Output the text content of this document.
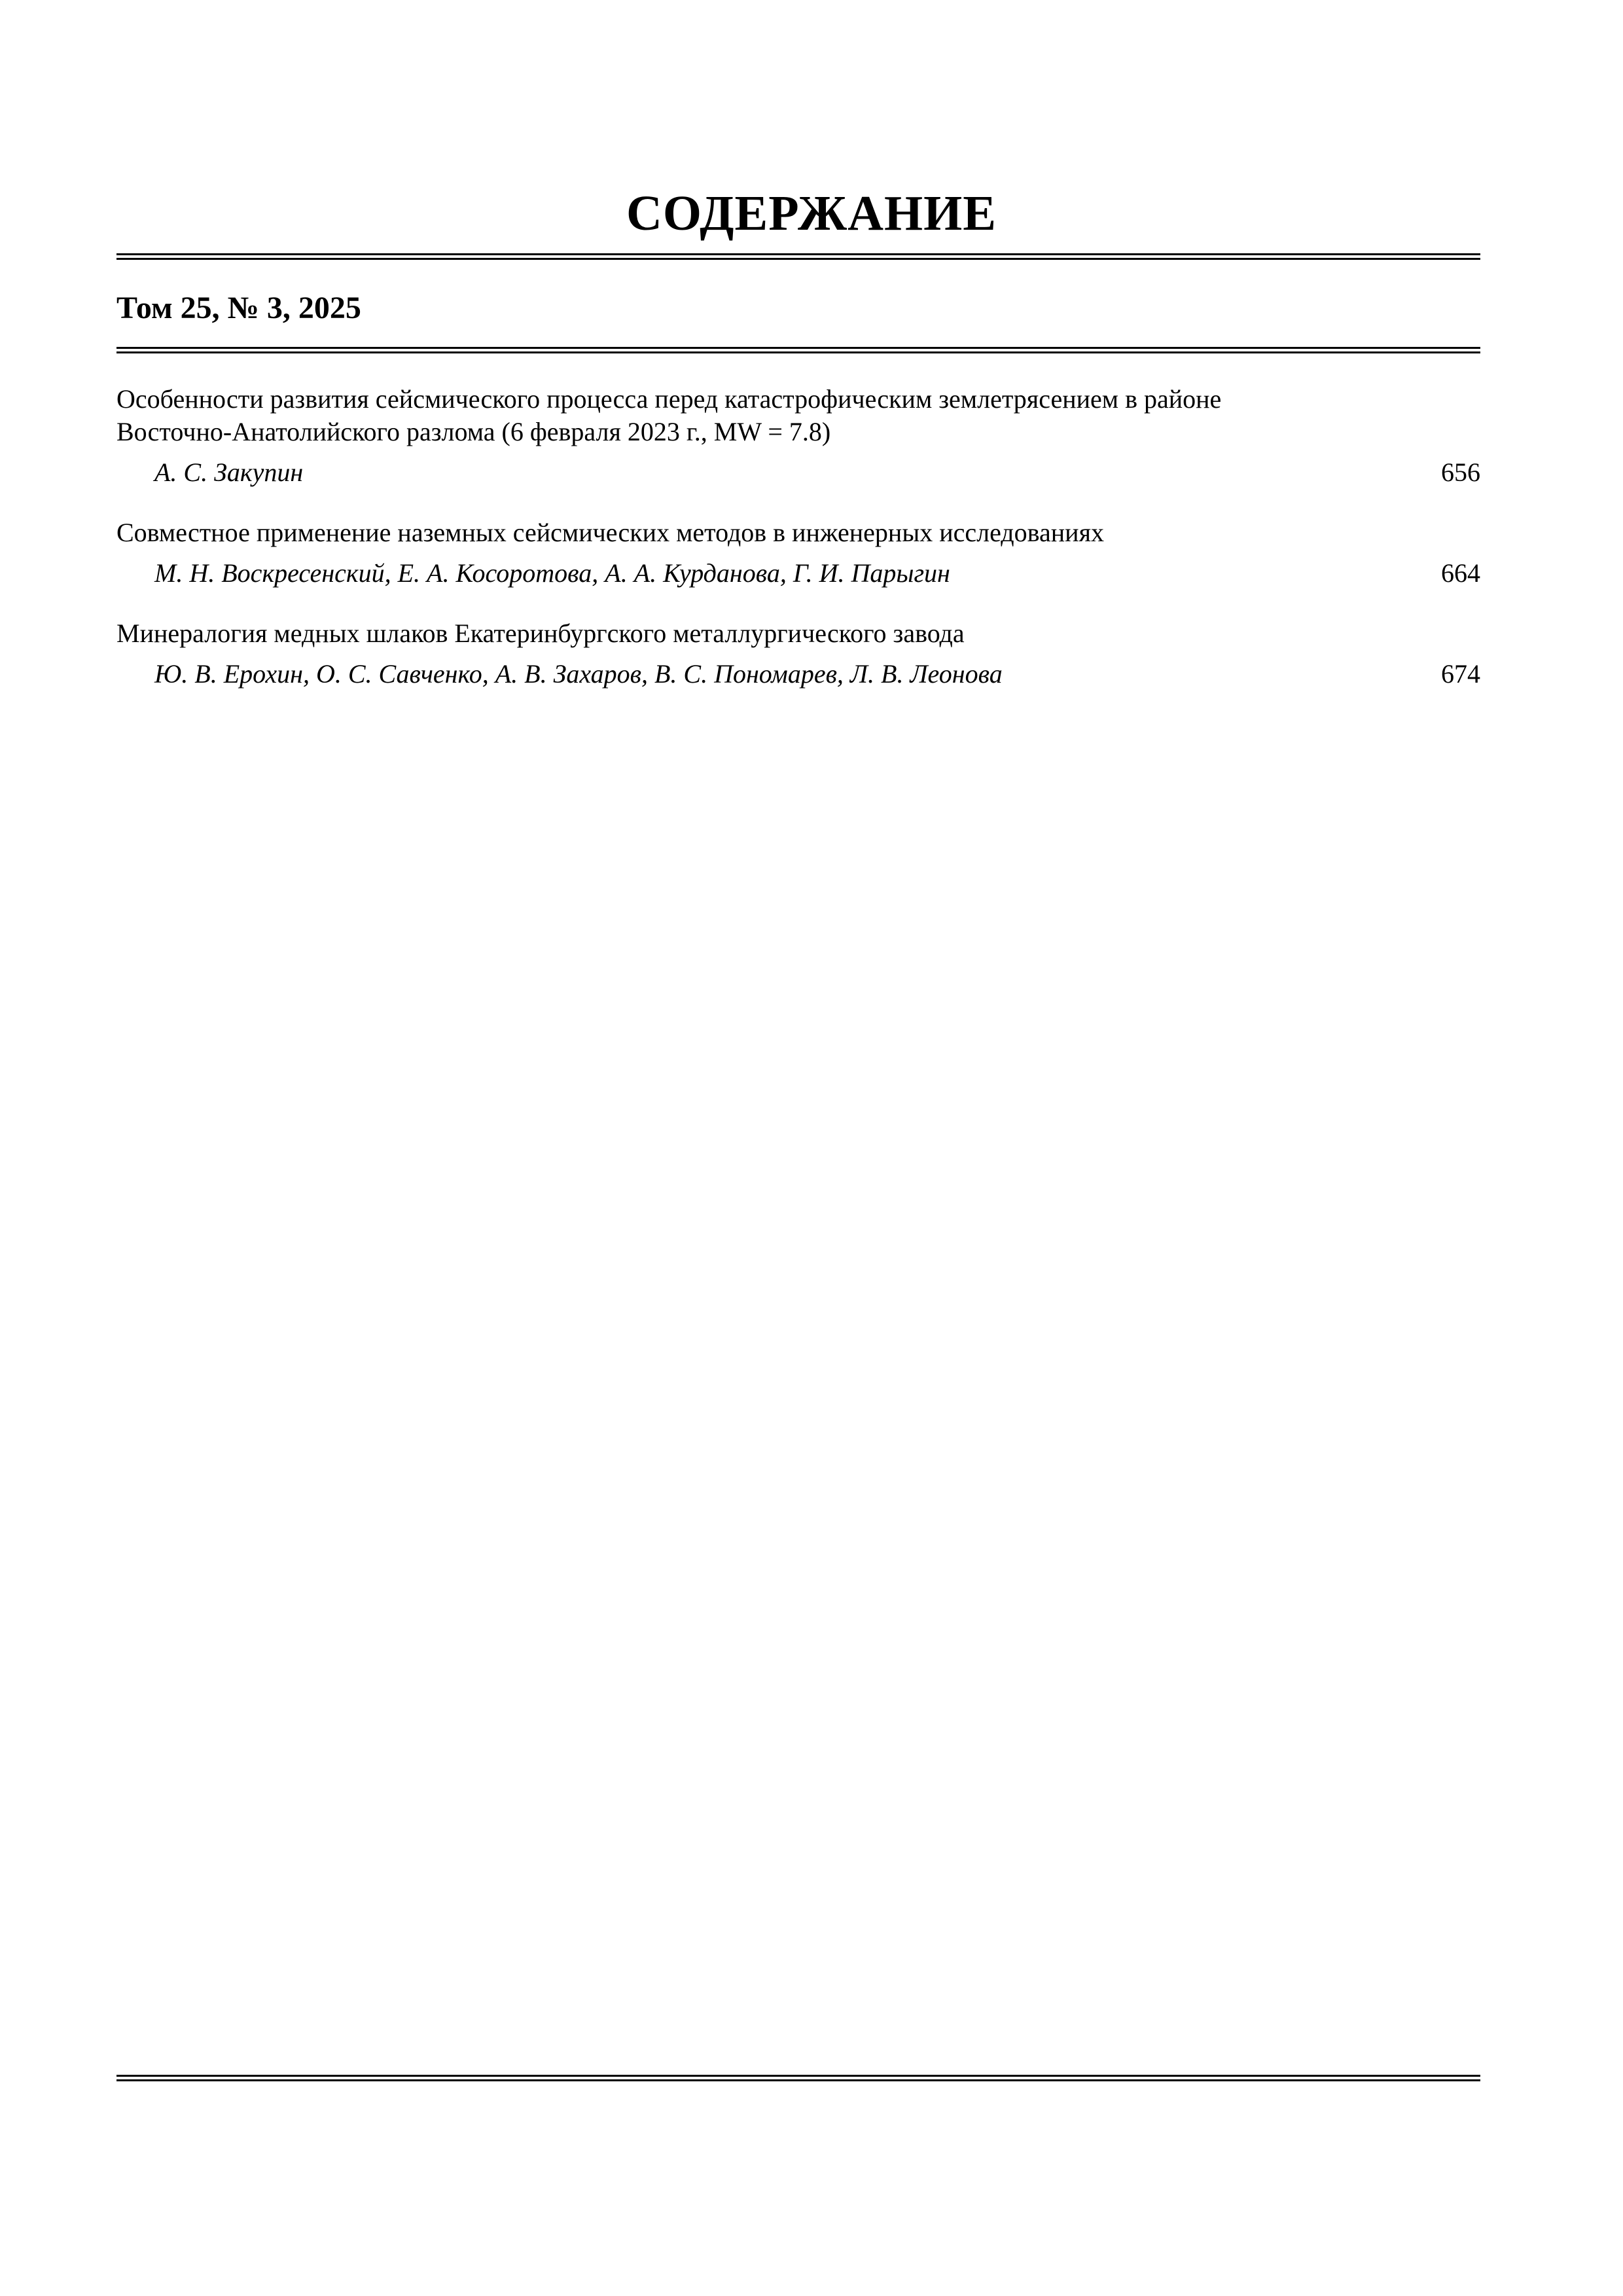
СОДЕРЖАНИЕ
Том 25, № 3, 2025
Особенности развития сейсмического процесса перед катастрофическим землетрясением в районе
Восточно-Анатолийского разлома (6 февраля 2023 г., MW = 7.8)
А. С. Закупин	656
Совместное применение наземных сейсмических методов в инженерных исследованиях
М. Н. Воскресенский, Е. А. Косоротова, А. А. Курданова, Г. И. Парыгин	664
Минералогия медных шлаков Екатеринбургского металлургического завода
Ю. В. Ерохин, О. С. Савченко, А. В. Захаров, В. С. Пономарев, Л. В. Леонова	674
